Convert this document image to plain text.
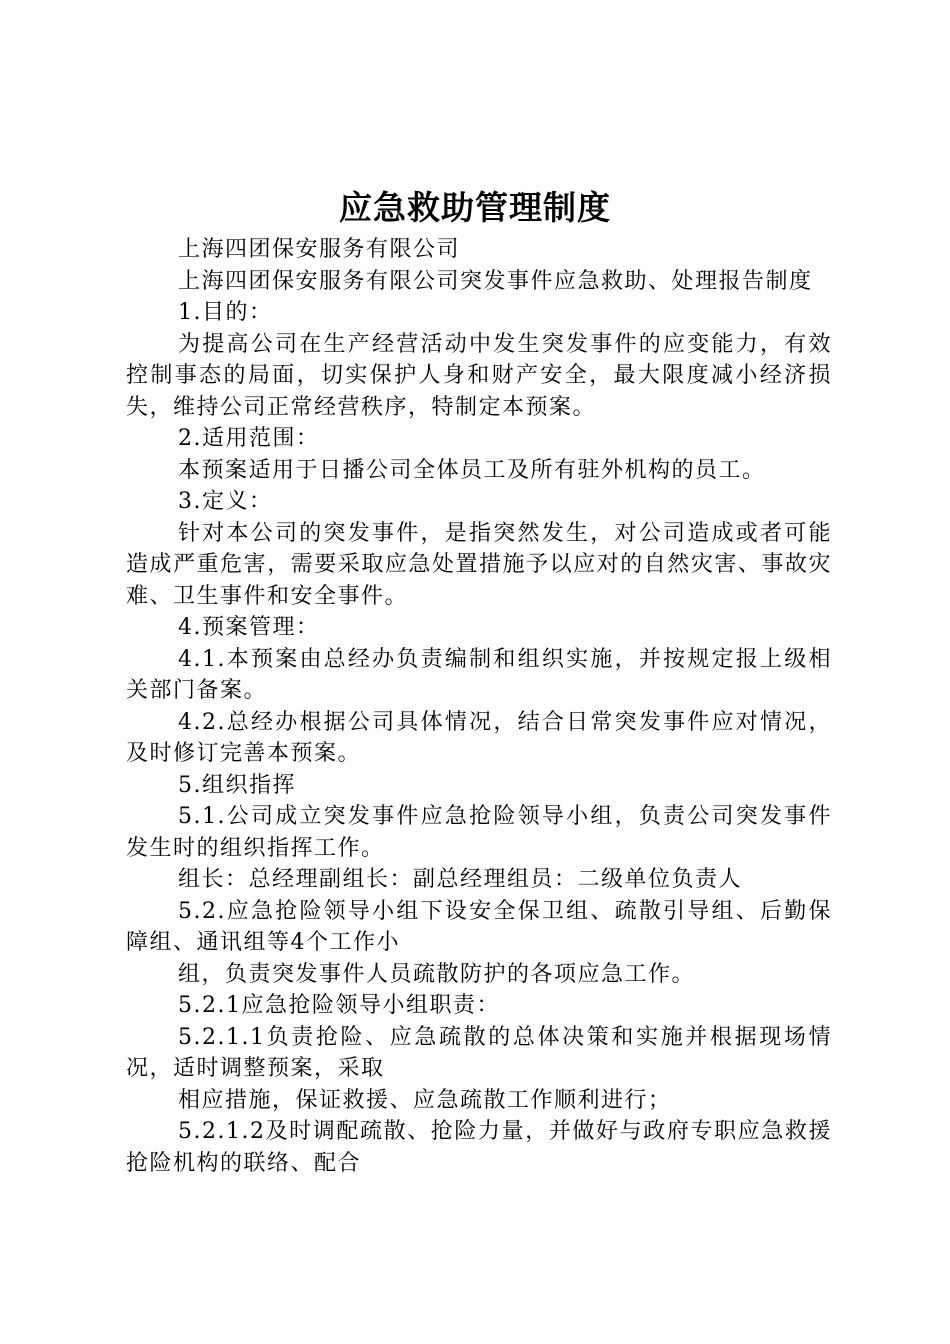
应急救助管理制度

上海四团保安服务有限公司

上海四团保安服务有限公司突发事件应急救助、处理报告制度

1.目的：

为提高公司在生产经营活动中发生突发事件的应变能力，有效控制事态的局面，切实保护人身和财产安全，最大限度减小经济损失，维持公司正常经营秩序，特制定本预案。

2.适用范围：

本预案适用于日播公司全体员工及所有驻外机构的员工。

3.定义：

针对本公司的突发事件，是指突然发生，对公司造成或者可能造成严重危害，需要采取应急处置措施予以应对的自然灾害、事故灾难、卫生事件和安全事件。

4.预案管理：

4.1.本预案由总经办负责编制和组织实施，并按规定报上级相关部门备案。

4.2.总经办根据公司具体情况，结合日常突发事件应对情况，及时修订完善本预案。

5.组织指挥

5.1.公司成立突发事件应急抢险领导小组，负责公司突发事件发生时的组织指挥工作。

组长：总经理副组长：副总经理组员：二级单位负责人

5.2.应急抢险领导小组下设安全保卫组、疏散引导组、后勤保障组、通讯组等4个工作小

组，负责突发事件人员疏散防护的各项应急工作。

5.2.1应急抢险领导小组职责：

5.2.1.1负责抢险、应急疏散的总体决策和实施并根据现场情况，适时调整预案，采取

相应措施，保证救援、应急疏散工作顺利进行；

5.2.1.2及时调配疏散、抢险力量，并做好与政府专职应急救援抢险机构的联络、配合
